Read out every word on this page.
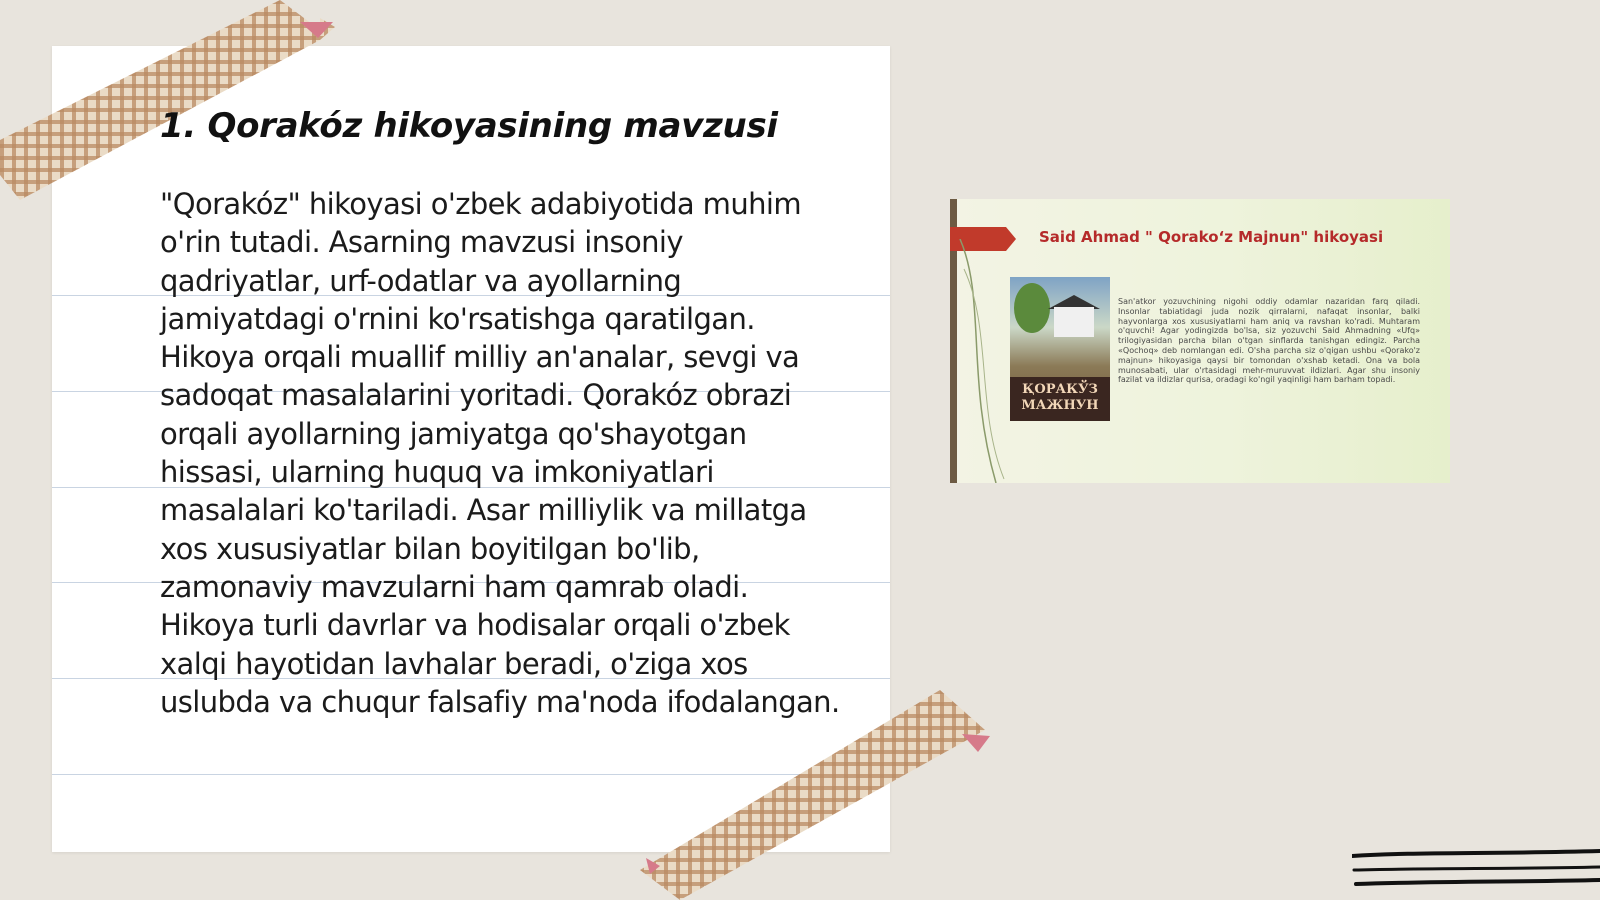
1. Qorakóz hikoyasining mavzusi

"Qorakóz" hikoyasi o'zbek adabiyotida muhim o'rin tutadi. Asarning mavzusi insoniy qadriyatlar, urf-odatlar va ayollarning jamiyatdagi o'rnini ko'rsatishga qaratilgan. Hikoya orqali muallif milliy an'analar, sevgi va sadoqat masalalarini yoritadi. Qorakóz obrazi orqali ayollarning jamiyatga qo'shayotgan hissasi, ularning huquq va imkoniyatlari masalalari ko'tariladi. Asar milliylik va millatga xos xususiyatlar bilan boyitilgan bo'lib, zamonaviy mavzularni ham qamrab oladi. Hikoya turli davrlar va hodisalar orqali o'zbek xalqi hayotidan lavhalar beradi, o'ziga xos uslubda va chuqur falsafiy ma'noda ifodalangan.

Said Ahmad " Qorako‘z Majnun" hikoyasi
ҚОРАКЎЗ МАЖНУН
San'atkor yozuvchining nigohi oddiy odamlar nazaridan farq qiladi. Insonlar tabiatidagi juda nozik qirralarni, nafaqat insonlar, balki hayvonlarga xos xususiyatlarni ham aniq va ravshan ko'radi. Muhtaram o'quvchi! Agar yodingizda bo'lsa, siz yozuvchi Said Ahmadning «Ufq» trilogiyasidan parcha bilan o'tgan sinflarda tanishgan edingiz. Parcha «Qochoq» deb nomlangan edi. O'sha parcha siz o'qigan ushbu «Qorako'z majnun» hikoyasiga qaysi bir tomondan o'xshab ketadi. Ona va bola munosabati, ular o'rtasidagi mehr-muruvvat ildizlari. Agar shu insoniy fazilat va ildizlar qurisa, oradagi ko'ngil yaqinligi ham barham topadi.
